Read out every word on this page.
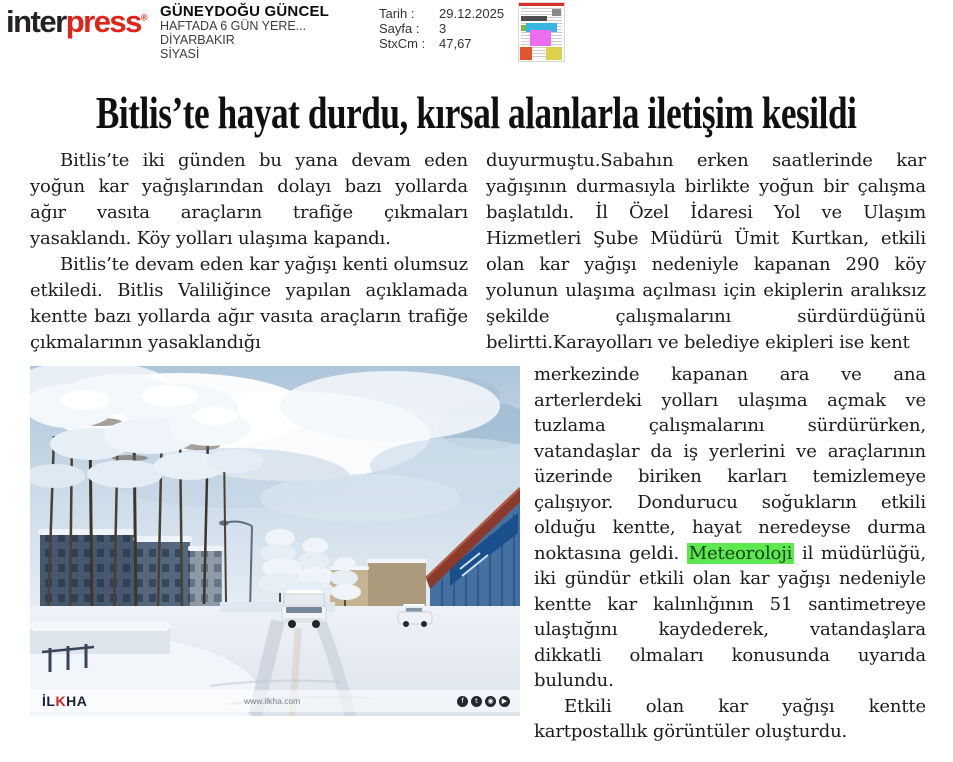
interpress® GÜNEYDOĞU GÜNCEL
HAFTADA 6 GÜN YERE...
DİYARBAKIR
SİYASİ
Tarih :	29.12.2025
Sayfa :	3
StxCm :	47,67
Bitlis’te hayat durdu, kırsal alanlarla iletişim kesildi

Bitlis’te iki günden bu yana devam eden yoğun kar yağışlarından dolayı bazı yollarda ağır vasıta araçların trafiğe çıkmaları yasaklandı. Köy yolları ulaşıma kapandı.

Bitlis’te devam eden kar yağışı kenti olumsuz etkiledi. Bitlis Valiliğince yapılan açıklamada kentte bazı yollarda ağır vasıta araçların trafiğe çıkmalarının yasaklandığı

duyurmuştu.Sabahın erken saatlerinde kar yağışının durmasıyla birlikte yoğun bir çalışma başlatıldı. İl Özel İdaresi Yol ve Ulaşım Hizmetleri Şube Müdürü Ümit Kurtkan, etkili olan kar yağışı nedeniyle kapanan 290 köy yolunun ulaşıma açılması için ekiplerin aralıksız şekilde çalışmalarını sürdürdüğünü belirtti.Karayolları ve belediye ekipleri ise kent

merkezinde kapanan ara ve ana arterlerdeki yolları ulaşıma açmak ve tuzlama çalışmalarını sürdürürken, vatandaşlar da iş yerlerini ve araçlarının üzerinde biriken karları temizlemeye çalışıyor. Dondurucu soğukların etkili olduğu kentte, hayat neredeyse durma noktasına geldi. Meteoroloji il müdürlüğü, iki gündür etkili olan kar yağışı nedeniyle kentte kar kalınlığının 51 santimetreye ulaştığını kaydederek, vatandaşlara dikkatli olmaları konusunda uyarıda bulundu.

Etkili olan kar yağışı kentte kartpostallık görüntüler oluşturdu.

İLKHA	www.ilkha.com	f	t	◉	▶
